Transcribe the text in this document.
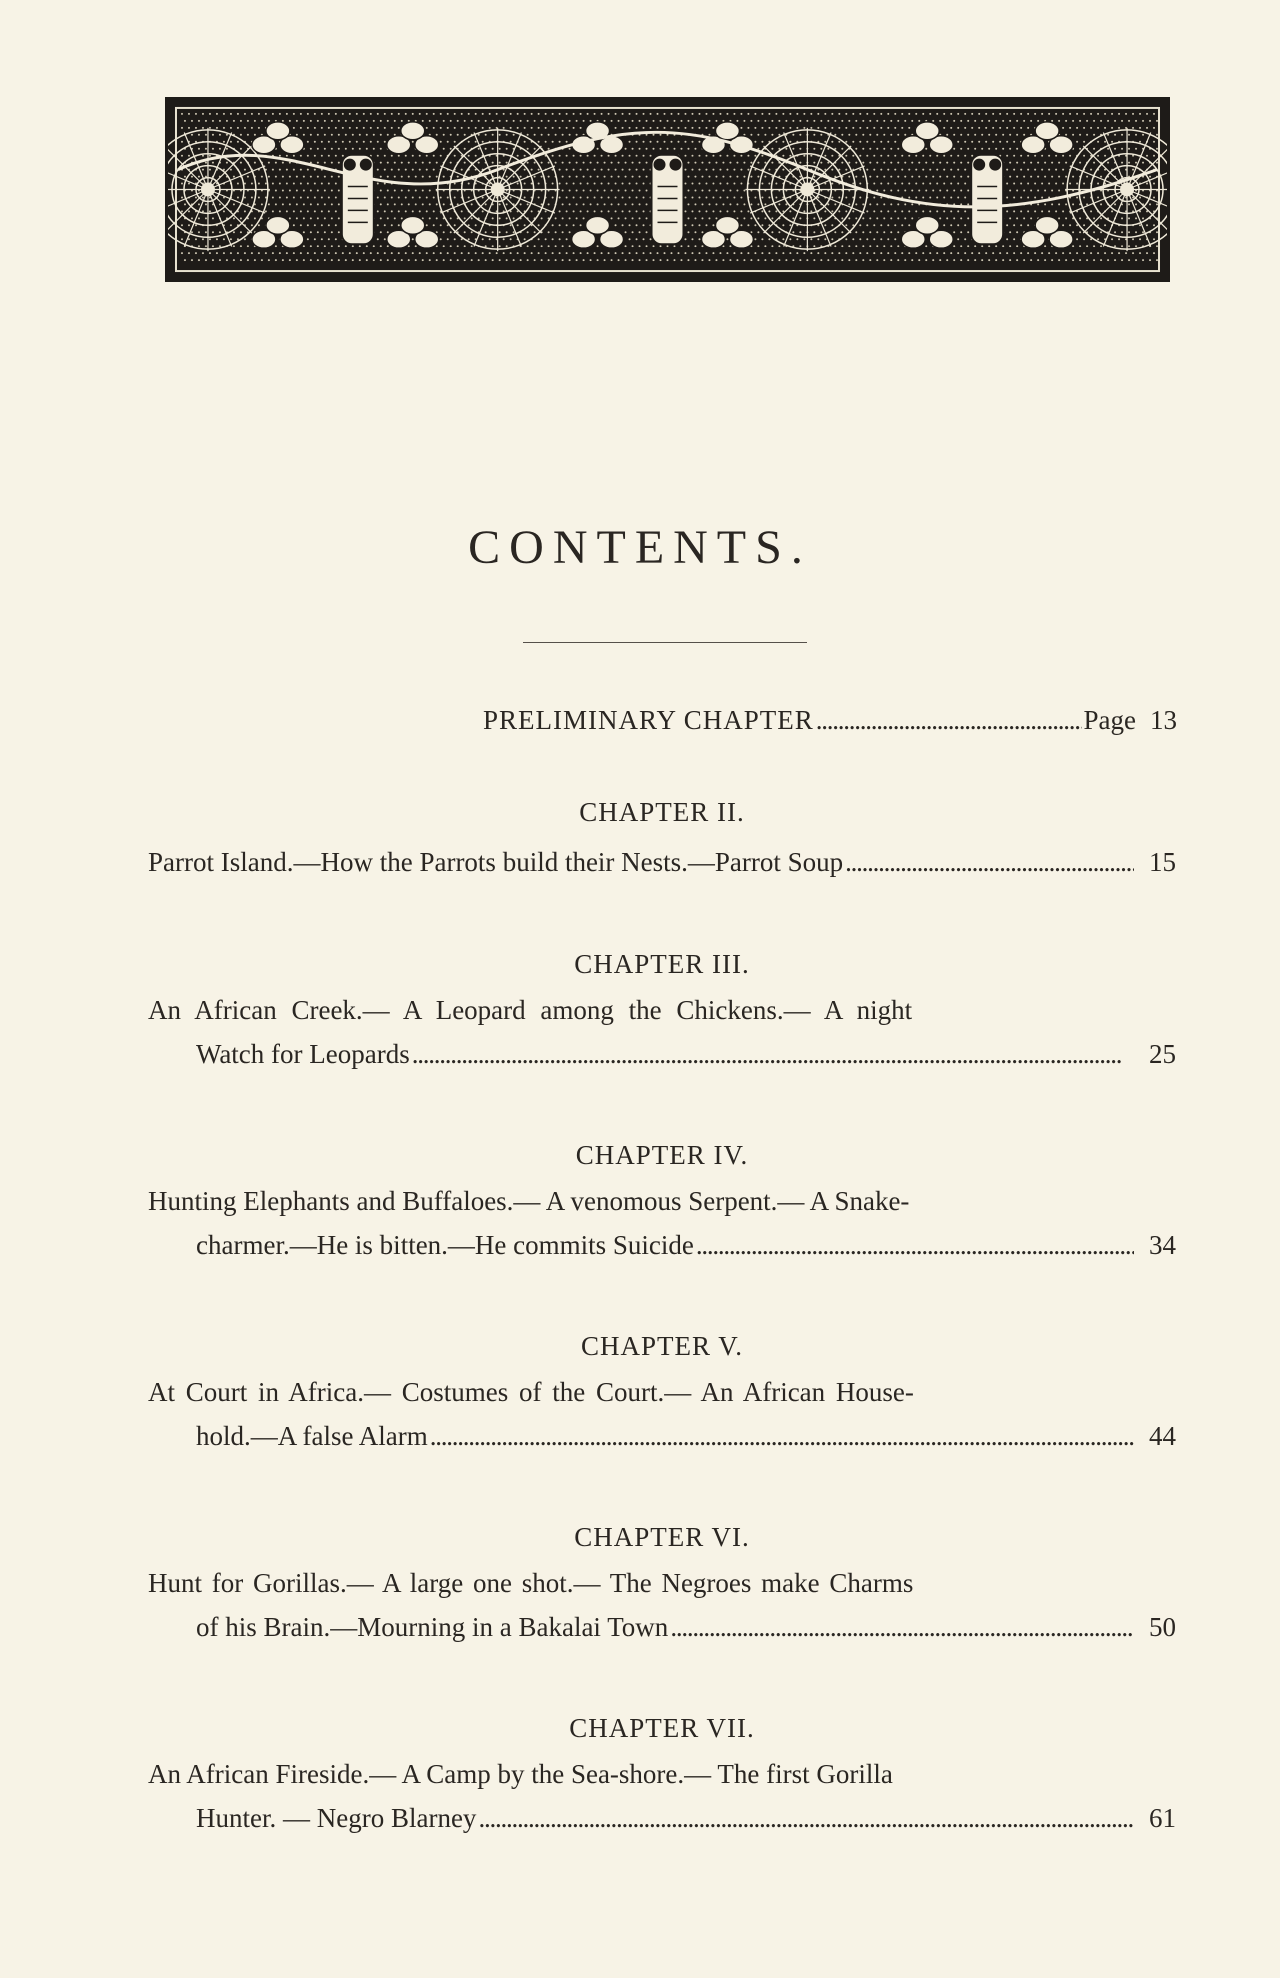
CONTENTS.
PRELIMINARY CHAPTER . . .	Page 13
CHAPTER II.
Parrot Island.—How the Parrots build their Nests.—Parrot Soup . . .	15
CHAPTER III.
An African Creek.— A Leopard among the Chickens.— A night
Watch for Leopards . . .	25
CHAPTER IV.
Hunting Elephants and Buffaloes.— A venomous Serpent.— A Snake-
charmer.—He is bitten.—He commits Suicide . . .	34
CHAPTER V.
At Court in Africa.— Costumes of the Court.— An African House-
hold.—A false Alarm . . .	44
CHAPTER VI.
Hunt for Gorillas.— A large one shot.— The Negroes make Charms
of his Brain.—Mourning in a Bakalai Town . . .	50
CHAPTER VII.
An African Fireside.— A Camp by the Sea-shore.— The first Gorilla
Hunter. — Negro Blarney . . .	61
